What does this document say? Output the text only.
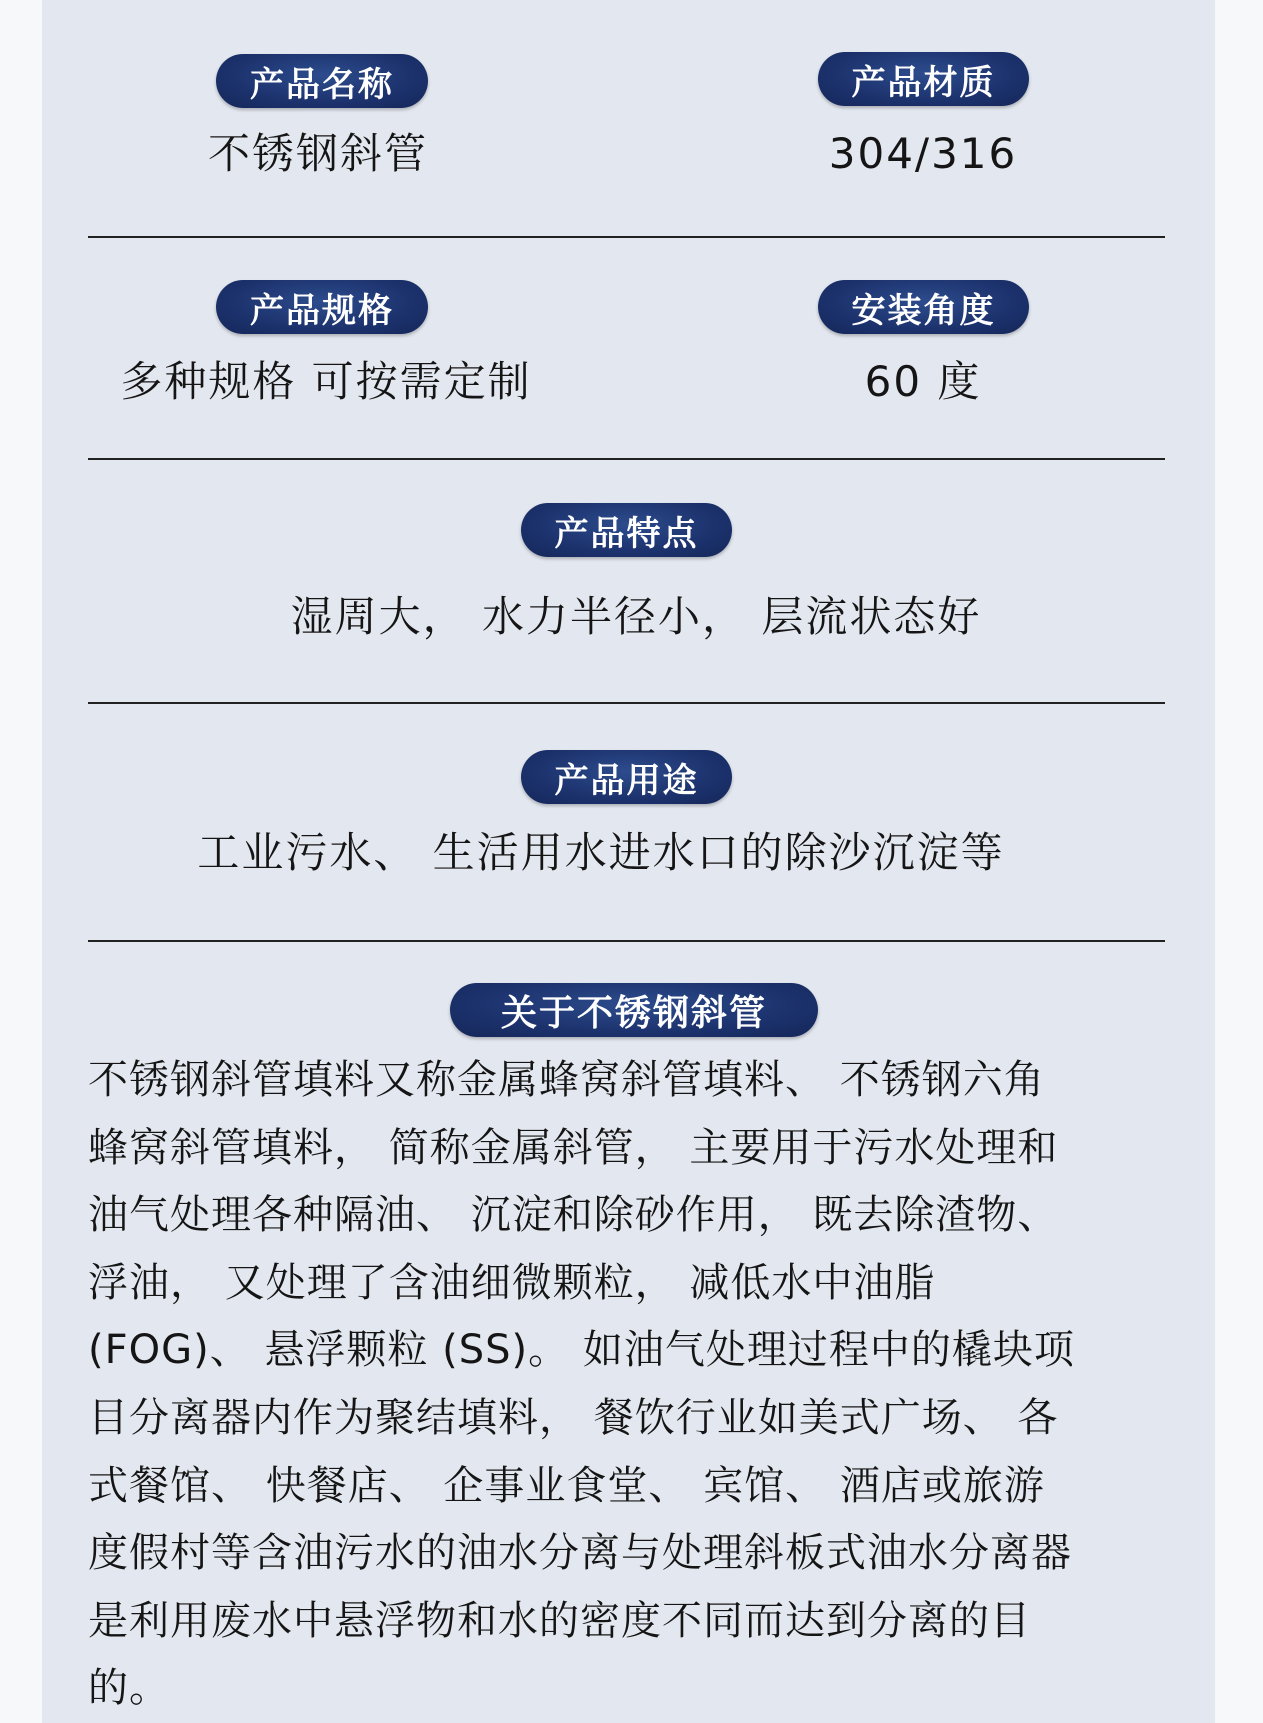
产品名称
不锈钢斜管
产品材质
304/316
产品规格
多种规格 可按需定制
安装角度
60 度
产品特点
湿周大， 水力半径小， 层流状态好
产品用途
工业污水、 生活用水进水口的除沙沉淀等
关于不锈钢斜管
不锈钢斜管填料又称金属蜂窝斜管填料、 不锈钢六角
蜂窝斜管填料， 简称金属斜管， 主要用于污水处理和
油气处理各种隔油、 沉淀和除砂作用， 既去除渣物、
浮油， 又处理了含油细微颗粒， 减低水中油脂
(FOG)、 悬浮颗粒 (SS)。 如油气处理过程中的橇块项
目分离器内作为聚结填料， 餐饮行业如美式广场、 各
式餐馆、 快餐店、 企事业食堂、 宾馆、 酒店或旅游
度假村等含油污水的油水分离与处理斜板式油水分离器
是利用废水中悬浮物和水的密度不同而达到分离的目
的。
